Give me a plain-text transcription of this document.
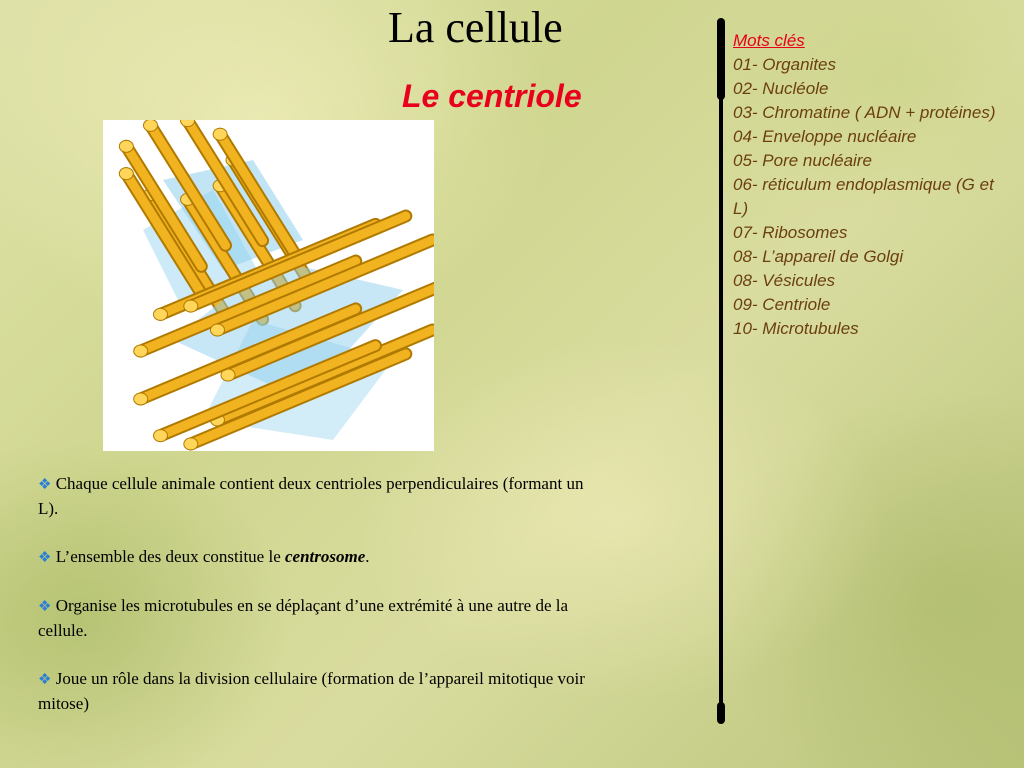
La cellule
Le centriole

❖ Chaque cellule animale contient deux centrioles perpendiculaires (formant un L).

❖ L’ensemble des deux constitue le centrosome.

❖ Organise les microtubules en se déplaçant d’une extrémité à une autre de la cellule.

❖ Joue un rôle dans la division cellulaire (formation de l’appareil mitotique voir mitose)

Mots clés
01- Organites
02- Nucléole
03- Chromatine ( ADN + protéines)
04- Enveloppe nucléaire
05- Pore nucléaire
06- réticulum endoplasmique (G et L)
07- Ribosomes
08- L’appareil de Golgi
08- Vésicules
09- Centriole
10- Microtubules
